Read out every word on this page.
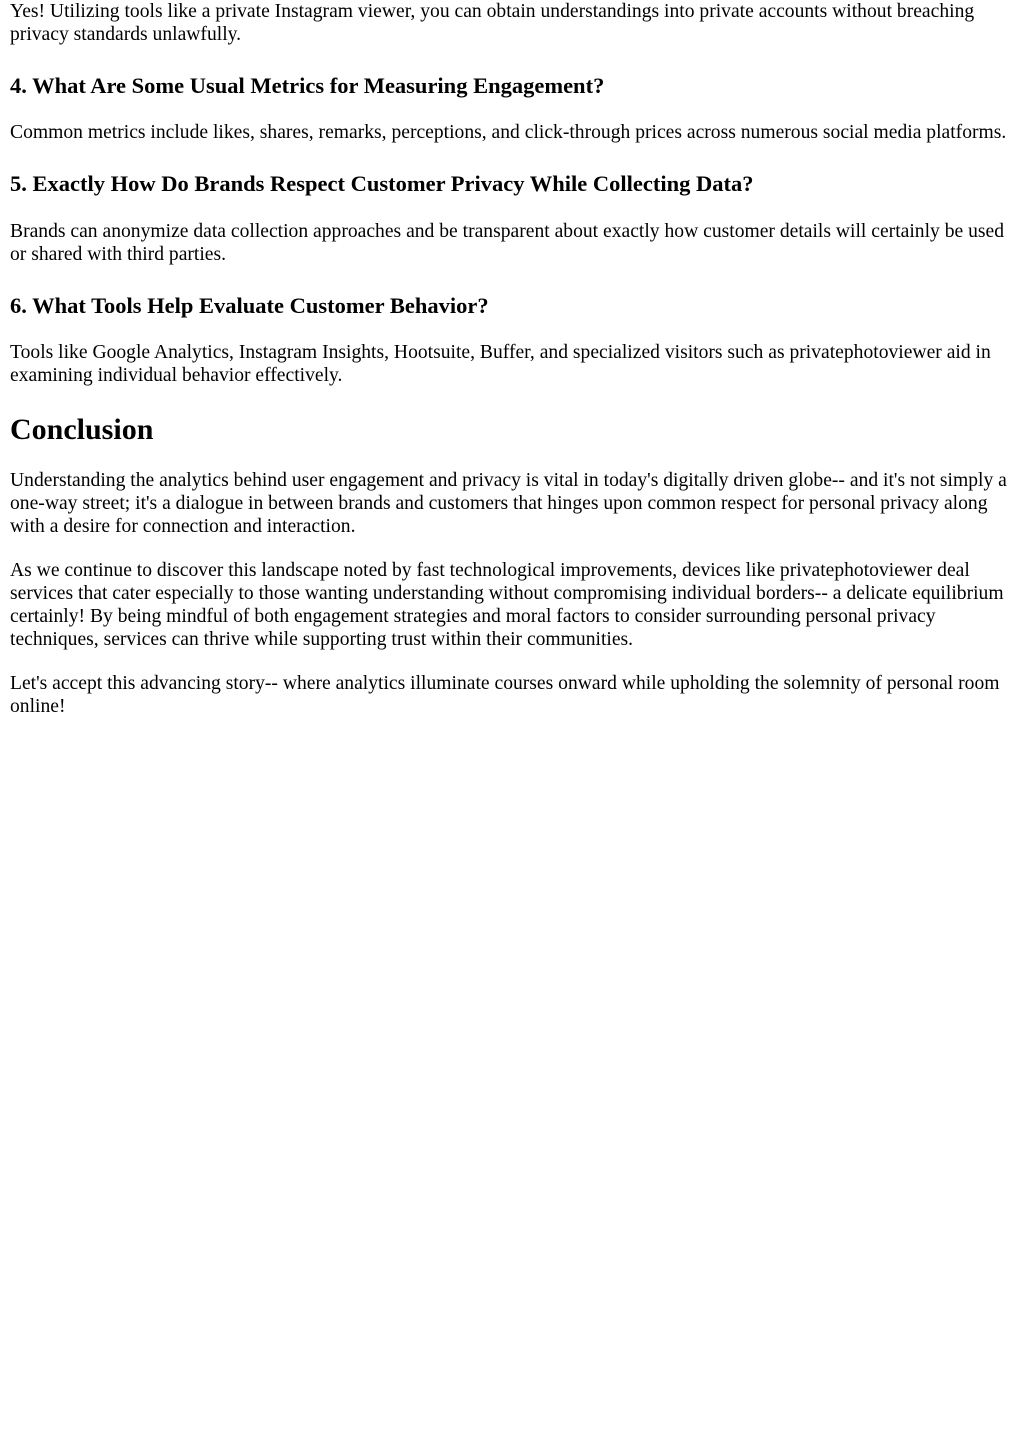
Yes! Utilizing tools like a private Instagram viewer, you can obtain understandings into private accounts without breaching privacy standards unlawfully.

4. What Are Some Usual Metrics for Measuring Engagement?

Common metrics include likes, shares, remarks, perceptions, and click-through prices across numerous social media platforms.

5. Exactly How Do Brands Respect Customer Privacy While Collecting Data?

Brands can anonymize data collection approaches and be transparent about exactly how customer details will certainly be used or shared with third parties.

6. What Tools Help Evaluate Customer Behavior?

Tools like Google Analytics, Instagram Insights, Hootsuite, Buffer, and specialized visitors such as privatephotoviewer aid in examining individual behavior effectively.

Conclusion

Understanding the analytics behind user engagement and privacy is vital in today's digitally driven globe-- and it's not simply a one-way street; it's a dialogue in between brands and customers that hinges upon common respect for personal privacy along with a desire for connection and interaction.

As we continue to discover this landscape noted by fast technological improvements, devices like privatephotoviewer deal services that cater especially to those wanting understanding without compromising individual borders-- a delicate equilibrium certainly! By being mindful of both engagement strategies and moral factors to consider surrounding personal privacy techniques, services can thrive while supporting trust within their communities.

Let's accept this advancing story-- where analytics illuminate courses onward while upholding the solemnity of personal room online!
